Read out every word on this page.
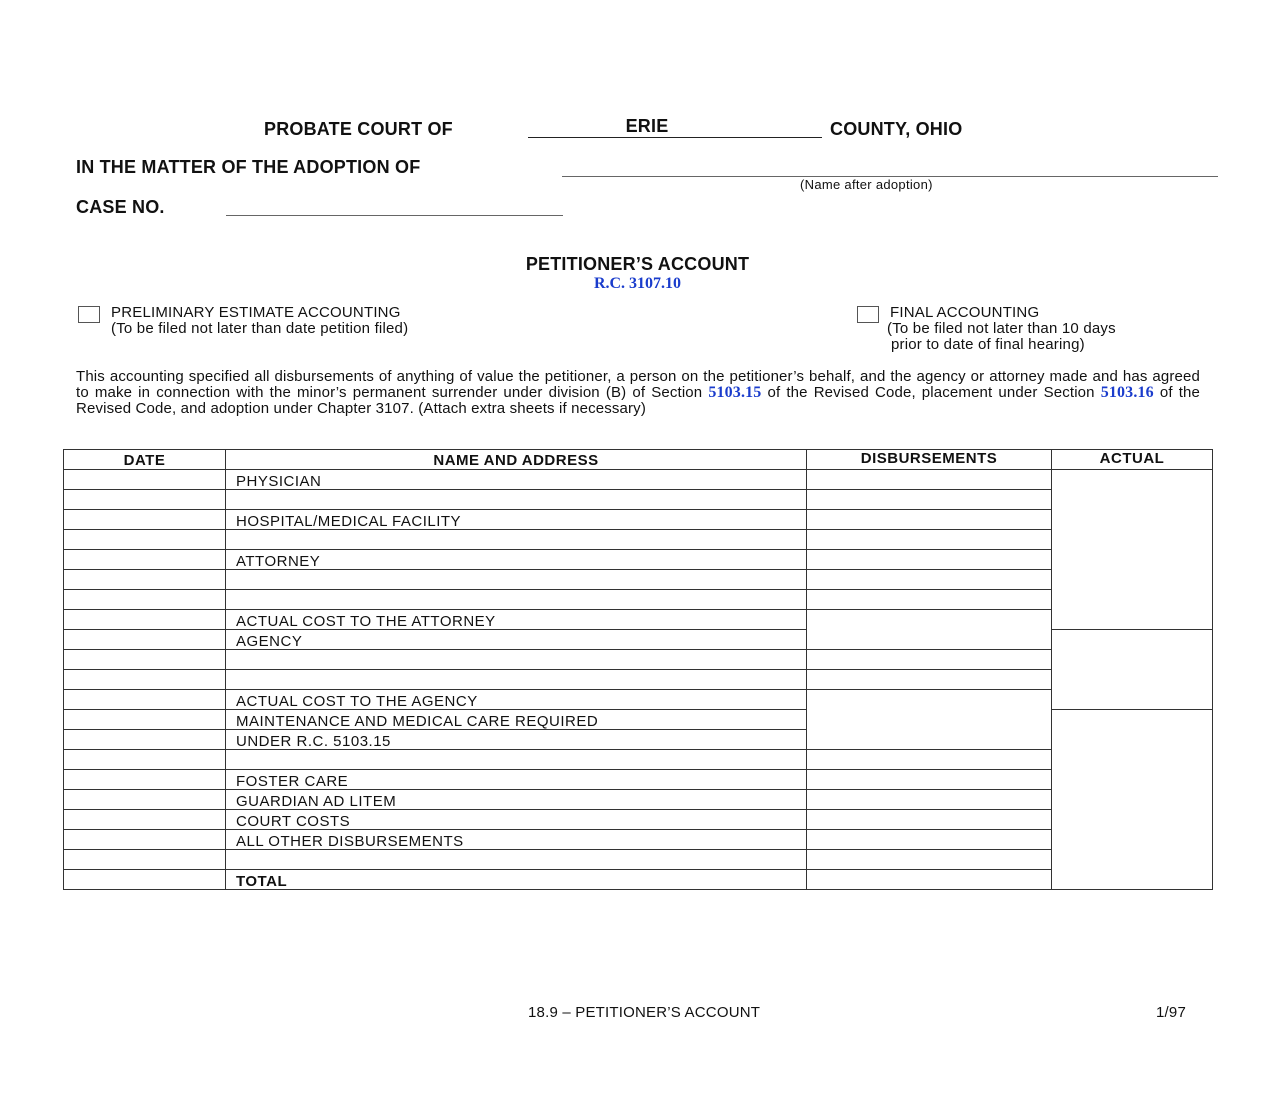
PROBATE COURT OF	ERIE	COUNTY, OHIO
IN THE MATTER OF THE ADOPTION OF
(Name after adoption)
CASE NO.
PETITIONER’S ACCOUNT
R.C. 3107.10
PRELIMINARY ESTIMATE ACCOUNTING
(To be filed not later than date petition filed)
FINAL ACCOUNTING
(To be filed not later than 10 days
prior to date of final hearing)
This accounting specified all disbursements of anything of value the petitioner, a person on the petitioner’s behalf, and the agency or attorney made and has agreed to make in connection with the minor’s permanent surrender under division (B) of Section 5103.15 of the Revised Code, placement under Section 5103.16 of the Revised Code, and adoption under Chapter 3107. (Attach extra sheets if necessary)
DATE	NAME AND ADDRESS	DISBURSEMENTS	ACTUAL
	PHYSICIAN		

	HOSPITAL/MEDICAL FACILITY		

	ATTORNEY		

	ACTUAL COST TO THE ATTORNEY		
	AGENCY		

	ACTUAL COST TO THE AGENCY		
	MAINTENANCE AND MEDICAL CARE REQUIRED		
	UNDER R.C. 5103.15		

	FOSTER CARE		
	GUARDIAN AD LITEM		
	COURT COSTS		
	ALL OTHER DISBURSEMENTS		

	TOTAL		
18.9 – PETITIONER’S ACCOUNT	1/97
